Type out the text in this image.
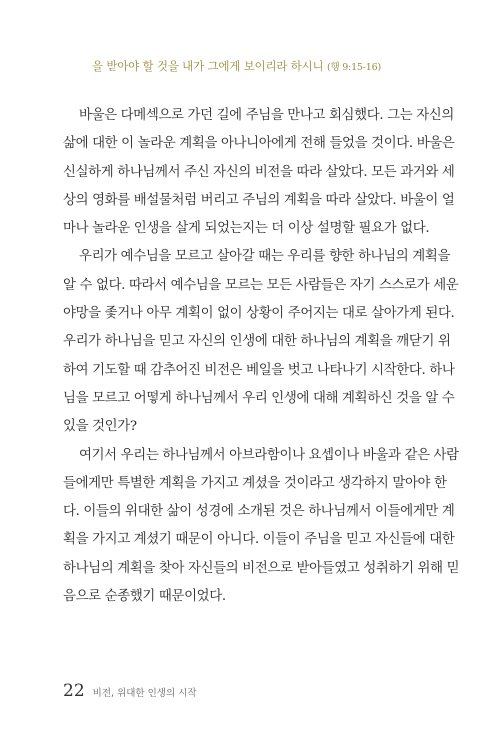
을 받아야 할 것을 내가 그에게 보이리라 하시니 (행 9:15-16)
바울은 다메섹으로 가던 길에 주님을 만나고 회심했다. 그는 자신의
삶에 대한 이 놀라운 계획을 아나니아에게 전해 들었을 것이다. 바울은
신실하게 하나님께서 주신 자신의 비전을 따라 살았다. 모든 과거와 세
상의 영화를 배설물처럼 버리고 주님의 계획을 따라 살았다. 바울이 얼
마나 놀라운 인생을 살게 되었는지는 더 이상 설명할 필요가 없다.
우리가 예수님을 모르고 살아갈 때는 우리를 향한 하나님의 계획을
알 수 없다. 따라서 예수님을 모르는 모든 사람들은 자기 스스로가 세운
야망을 좇거나 아무 계획이 없이 상황이 주어지는 대로 살아가게 된다.
우리가 하나님을 믿고 자신의 인생에 대한 하나님의 계획을 깨닫기 위
하여 기도할 때 감추어진 비전은 베일을 벗고 나타나기 시작한다. 하나
님을 모르고 어떻게 하나님께서 우리 인생에 대해 계획하신 것을 알 수
있을 것인가?
여기서 우리는 하나님께서 아브라함이나 요셉이나 바울과 같은 사람
들에게만 특별한 계획을 가지고 계셨을 것이라고 생각하지 말아야 한
다. 이들의 위대한 삶이 성경에 소개된 것은 하나님께서 이들에게만 계
획을 가지고 계셨기 때문이 아니다. 이들이 주님을 믿고 자신들에 대한
하나님의 계획을 찾아 자신들의 비전으로 받아들였고 성취하기 위해 믿
음으로 순종했기 때문이었다.
22 비전, 위대한 인생의 시작
